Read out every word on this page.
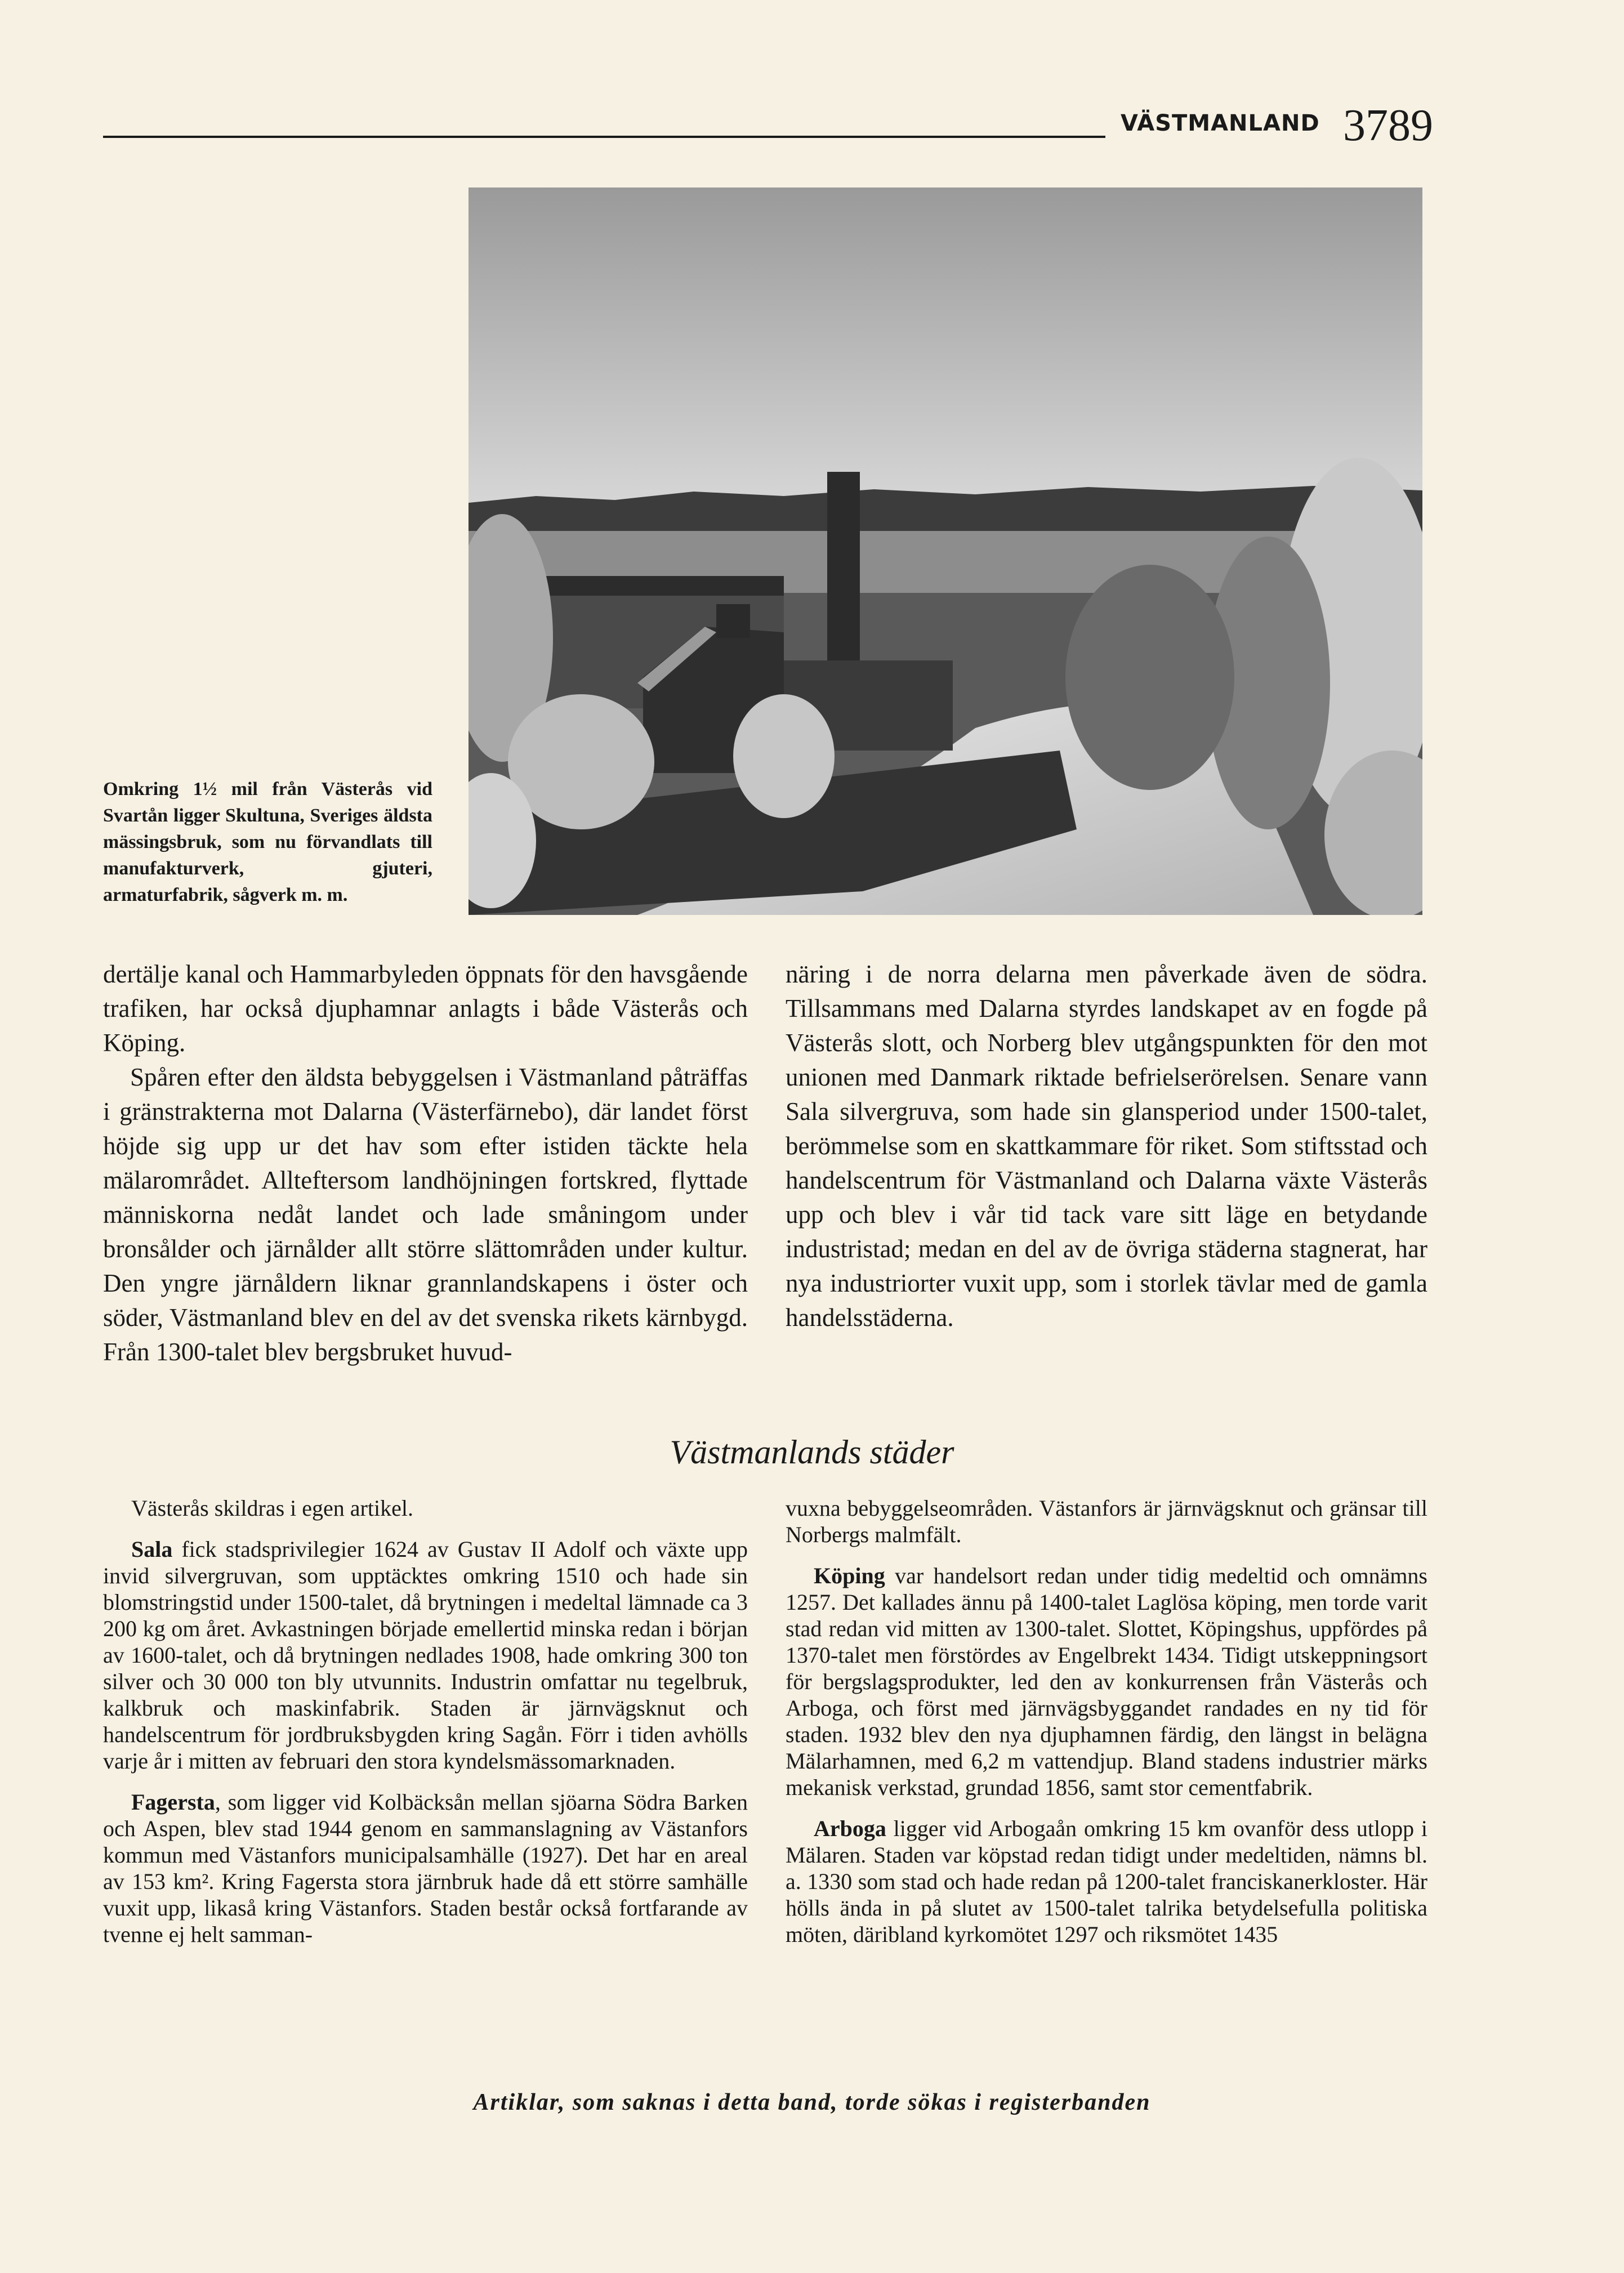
VÄSTMANLAND 3789
Omkring 1½ mil från Västerås vid Svartån ligger Skultuna, Sveriges äldsta mässingsbruk, som nu förvandlats till manufakturverk, gjuteri, armaturfabrik, sågverk m. m.

dertälje kanal och Hammarbyleden öppnats för den havsgående trafiken, har också djuphamnar anlagts i både Västerås och Köping.

Spåren efter den äldsta bebyggelsen i Västmanland påträffas i gränstrakterna mot Dalarna (Västerfärnebo), där landet först höjde sig upp ur det hav som efter istiden täckte hela mälarområdet. Allteftersom landhöjningen fortskred, flyttade människorna nedåt landet och lade småningom under bronsålder och järnålder allt större slättområden under kultur. Den yngre järnåldern liknar grannlandskapens i öster och söder, Västmanland blev en del av det svenska rikets kärnbygd. Från 1300-talet blev bergsbruket huvud-

näring i de norra delarna men påverkade även de södra. Tillsammans med Dalarna styrdes landskapet av en fogde på Västerås slott, och Norberg blev utgångspunkten för den mot unionen med Danmark riktade befrielserörelsen. Senare vann Sala silvergruva, som hade sin glansperiod under 1500-talet, berömmelse som en skattkammare för riket. Som stiftsstad och handelscentrum för Västmanland och Dalarna växte Västerås upp och blev i vår tid tack vare sitt läge en betydande industristad; medan en del av de övriga städerna stagnerat, har nya industriorter vuxit upp, som i storlek tävlar med de gamla handelsstäderna.

Västmanlands städer

Västerås skildras i egen artikel.

Sala fick stadsprivilegier 1624 av Gustav II Adolf och växte upp invid silvergruvan, som upptäcktes omkring 1510 och hade sin blomstringstid under 1500-talet, då brytningen i medeltal lämnade ca 3 200 kg om året. Avkastningen började emellertid minska redan i början av 1600-talet, och då brytningen nedlades 1908, hade omkring 300 ton silver och 30 000 ton bly utvunnits. Industrin omfattar nu tegelbruk, kalkbruk och maskinfabrik. Staden är järnvägsknut och handelscentrum för jordbruksbygden kring Sagån. Förr i tiden avhölls varje år i mitten av februari den stora kyndelsmässomarknaden.

Fagersta, som ligger vid Kolbäcksån mellan sjöarna Södra Barken och Aspen, blev stad 1944 genom en sammanslagning av Västanfors kommun med Västanfors municipalsamhälle (1927). Det har en areal av 153 km². Kring Fagersta stora järnbruk hade då ett större samhälle vuxit upp, likaså kring Västanfors. Staden består också fortfarande av tvenne ej helt samman-

vuxna bebyggelseområden. Västanfors är järnvägsknut och gränsar till Norbergs malmfält.

Köping var handelsort redan under tidig medeltid och omnämns 1257. Det kallades ännu på 1400-talet Laglösa köping, men torde varit stad redan vid mitten av 1300-talet. Slottet, Köpingshus, uppfördes på 1370-talet men förstördes av Engelbrekt 1434. Tidigt utskeppningsort för bergslagsprodukter, led den av konkurrensen från Västerås och Arboga, och först med järnvägsbyggandet randades en ny tid för staden. 1932 blev den nya djuphamnen färdig, den längst in belägna Mälarhamnen, med 6,2 m vattendjup. Bland stadens industrier märks mekanisk verkstad, grundad 1856, samt stor cementfabrik.

Arboga ligger vid Arbogaån omkring 15 km ovanför dess utlopp i Mälaren. Staden var köpstad redan tidigt under medeltiden, nämns bl. a. 1330 som stad och hade redan på 1200-talet franciskanerkloster. Här hölls ända in på slutet av 1500-talet talrika betydelsefulla politiska möten, däribland kyrkomötet 1297 och riksmötet 1435

Artiklar, som saknas i detta band, torde sökas i registerbanden
